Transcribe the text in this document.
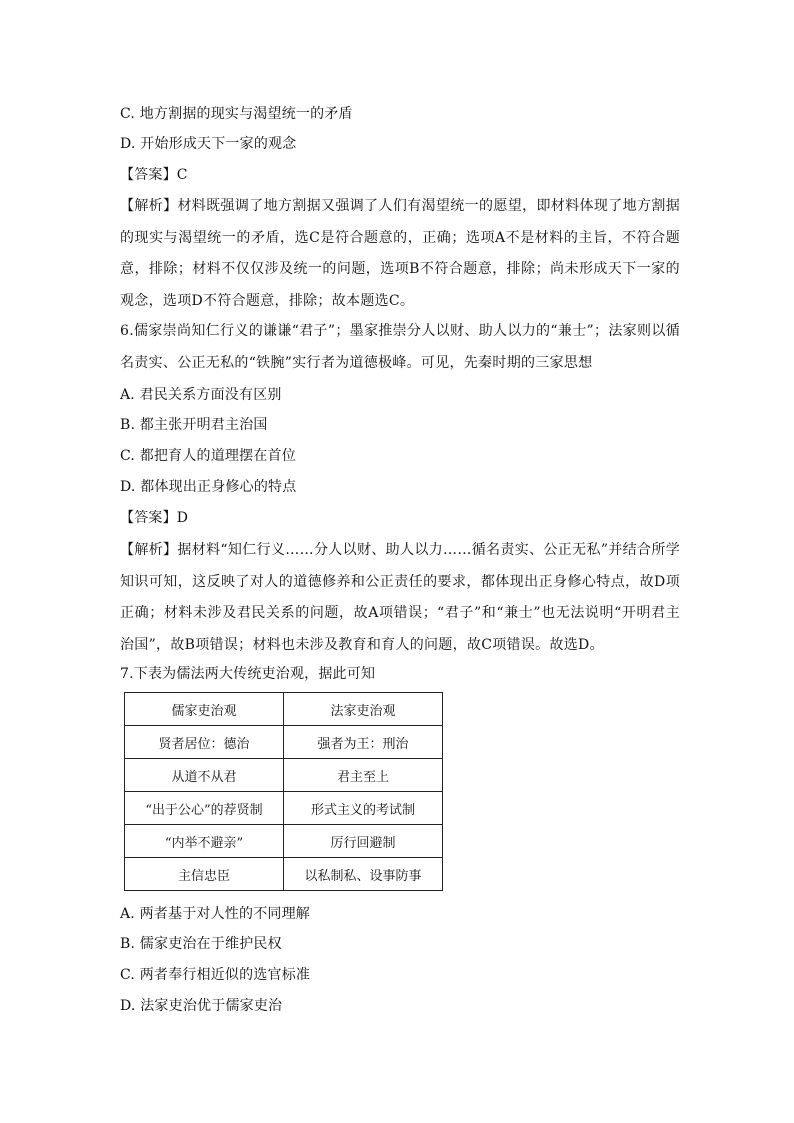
C. 地方割据的现实与渴望统一的矛盾
D. 开始形成天下一家的观念
【答案】C
【解析】材料既强调了地方割据又强调了人们有渴望统一的愿望，即材料体现了地方割据的现实与渴望统一的矛盾，选C是符合题意的，正确；选项A不是材料的主旨，不符合题意，排除；材料不仅仅涉及统一的问题，选项B不符合题意，排除；尚未形成天下一家的观念，选项D不符合题意，排除；故本题选C。
6.儒家崇尚知仁行义的谦谦“君子”；墨家推崇分人以财、助人以力的“兼士”；法家则以循名责实、公正无私的“铁腕”实行者为道德极峰。可见，先秦时期的三家思想
A. 君民关系方面没有区别
B. 都主张开明君主治国
C. 都把育人的道理摆在首位
D. 都体现出正身修心的特点
【答案】D
【解析】据材料“知仁行义……分人以财、助人以力……循名责实、公正无私”并结合所学知识可知，这反映了对人的道德修养和公正责任的要求，都体现出正身修心特点，故D项正确；材料未涉及君民关系的问题，故A项错误；“君子”和“兼士”也无法说明“开明君主治国”，故B项错误；材料也未涉及教育和育人的问题，故C项错误。故选D。
7.下表为儒法两大传统吏治观，据此可知
儒家吏治观	法家吏治观
贤者居位：德治	强者为王：刑治
从道不从君	君主至上
“出于公心”的荐贤制	形式主义的考试制
“内举不避亲”	厉行回避制
主信忠臣	以私制私、设事防事
A. 两者基于对人性的不同理解
B. 儒家吏治在于维护民权
C. 两者奉行相近似的选官标准
D. 法家吏治优于儒家吏治
